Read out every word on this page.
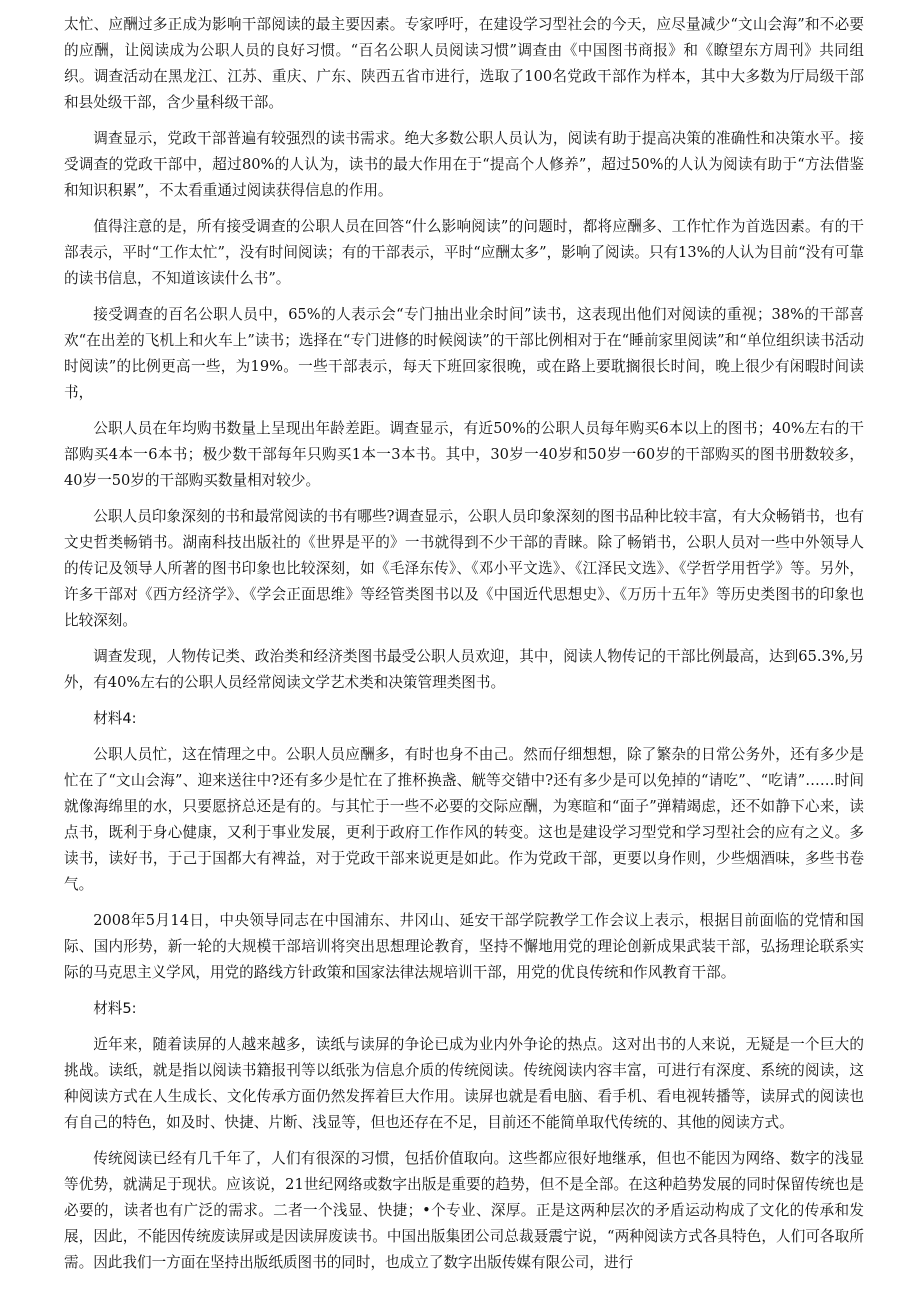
太忙、应酬过多正成为影响干部阅读的最主要因素。专家呼吁，在建设学习型社会的今天，应尽量减少“文山会海”和不必要的应酬，让阅读成为公职人员的良好习惯。“百名公职人员阅读习惯”调查由《中国图书商报》和《瞭望东方周刊》共同组织。调查活动在黑龙江、江苏、重庆、广东、陕西五省市进行，选取了100名党政干部作为样本，其中大多数为厅局级干部和县处级干部，含少量科级干部。

调查显示，党政干部普遍有较强烈的读书需求。绝大多数公职人员认为，阅读有助于提高决策的准确性和决策水平。接受调查的党政干部中，超过80%的人认为，读书的最大作用在于“提高个人修养”，超过50%的人认为阅读有助于“方法借鉴和知识积累”，不太看重通过阅读获得信息的作用。

值得注意的是，所有接受调查的公职人员在回答“什么影响阅读”的问题时，都将应酬多、工作忙作为首选因素。有的干部表示，平时“工作太忙”，没有时间阅读；有的干部表示，平时“应酬太多”，影响了阅读。只有13%的人认为目前“没有可靠的读书信息，不知道该读什么书”。

接受调查的百名公职人员中，65%的人表示会“专门抽出业余时间”读书，这表现出他们对阅读的重视；38%的干部喜欢“在出差的飞机上和火车上”读书；选择在“专门进修的时候阅读”的干部比例相对于在“睡前家里阅读”和“单位组织读书活动时阅读”的比例更高一些，为19%。一些干部表示，每天下班回家很晚，或在路上要耽搁很长时间，晚上很少有闲暇时间读书，

公职人员在年均购书数量上呈现出年龄差距。调查显示，有近50%的公职人员每年购买6本以上的图书；40%左右的干部购买4本一6本书；极少数干部每年只购买1本一3本书。其中，30岁一40岁和50岁一60岁的干部购买的图书册数较多，40岁一50岁的干部购买数量相对较少。

公职人员印象深刻的书和最常阅读的书有哪些?调查显示，公职人员印象深刻的图书品种比较丰富，有大众畅销书，也有文史哲类畅销书。湖南科技出版社的《世界是平的》一书就得到不少干部的青睐。除了畅销书，公职人员对一些中外领导人的传记及领导人所著的图书印象也比较深刻，如《毛泽东传》、《邓小平文选》、《江泽民文选》、《学哲学用哲学》等。另外，许多干部对《西方经济学》、《学会正面思维》等经管类图书以及《中国近代思想史》、《万历十五年》等历史类图书的印象也比较深刻。

调查发现，人物传记类、政治类和经济类图书最受公职人员欢迎，其中，阅读人物传记的干部比例最高，达到65.3%,另外，有40%左右的公职人员经常阅读文学艺术类和决策管理类图书。

材料4:

公职人员忙，这在情理之中。公职人员应酬多，有时也身不由己。然而仔细想想，除了繁杂的日常公务外，还有多少是忙在了“文山会海”、迎来送往中?还有多少是忙在了推杯换盏、觥等交错中?还有多少是可以免掉的“请吃”、“吃请”……时间就像海绵里的水，只要愿挤总还是有的。与其忙于一些不必要的交际应酬，为寒暄和“面子”弹精竭虑，还不如静下心来，读点书，既利于身心健康，又利于事业发展，更利于政府工作作风的转变。这也是建设学习型党和学习型社会的应有之义。多读书，读好书，于己于国都大有裨益，对于党政干部来说更是如此。作为党政干部，更要以身作则，少些烟酒味，多些书卷气。

2008年5月14日，中央领导同志在中国浦东、井冈山、延安干部学院教学工作会议上表示，根据目前面临的党情和国际、国内形势，新一轮的大规模干部培训将突出思想理论教育，坚持不懈地用党的理论创新成果武装干部，弘扬理论联系实际的马克思主义学风，用党的路线方针政策和国家法律法规培训干部，用党的优良传统和作风教育干部。

材料5:

近年来，随着读屏的人越来越多，读纸与读屏的争论已成为业内外争论的热点。这对出书的人来说，无疑是一个巨大的挑战。读纸，就是指以阅读书籍报刊等以纸张为信息介质的传统阅读。传统阅读内容丰富，可进行有深度、系统的阅读，这种阅读方式在人生成长、文化传承方面仍然发挥着巨大作用。读屏也就是看电脑、看手机、看电视转播等，读屏式的阅读也有自己的特色，如及时、快捷、片断、浅显等，但也还存在不足，目前还不能简单取代传统的、其他的阅读方式。

传统阅读已经有几千年了，人们有很深的习惯，包括价值取向。这些都应很好地继承，但也不能因为网络、数字的浅显等优势，就满足于现状。应该说，21世纪网络或数字出版是重要的趋势，但不是全部。在这种趋势发展的同时保留传统也是必要的，读者也有广泛的需求。二者一个浅显、快捷；•个专业、深厚。正是这两种层次的矛盾运动构成了文化的传承和发展，因此，不能因传统废读屏或是因读屏废读书。中国出版集团公司总裁聂震宁说，“两种阅读方式各具特色，人们可各取所需。因此我们一方面在坚持出版纸质图书的同时，也成立了数字出版传媒有限公司，进行
